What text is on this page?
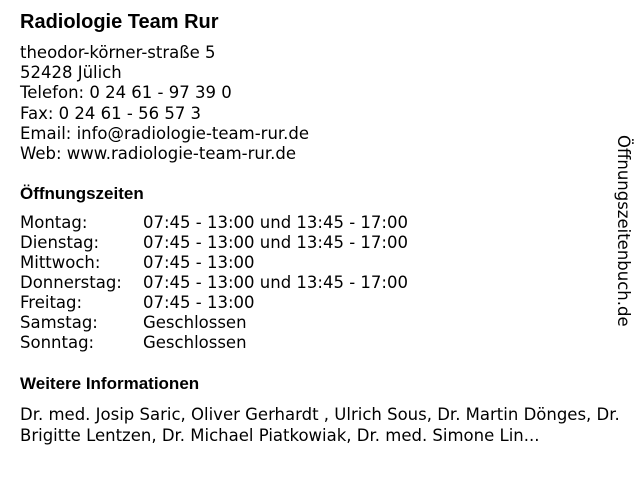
Radiologie Team Rur
theodor-körner-straße 5
52428 Jülich
Telefon: 0 24 61 - 97 39 0
Fax: 0 24 61 - 56 57 3
Email: info@radiologie-team-rur.de
Web: www.radiologie-team-rur.de
Öffnungszeiten
Montag:	07:45 - 13:00 und 13:45 - 17:00
Dienstag:	07:45 - 13:00 und 13:45 - 17:00
Mittwoch:	07:45 - 13:00
Donnerstag: 07:45 - 13:00 und 13:45 - 17:00
Freitag:	07:45 - 13:00
Samstag:	Geschlossen
Sonntag:	Geschlossen
Weitere Informationen
Dr. med. Josip Saric, Oliver Gerhardt , Ulrich Sous, Dr. Martin Dönges, Dr. Brigitte Lentzen, Dr. Michael Piatkowiak, Dr. med. Simone Lin...
Öffnungszeitenbuch.de
